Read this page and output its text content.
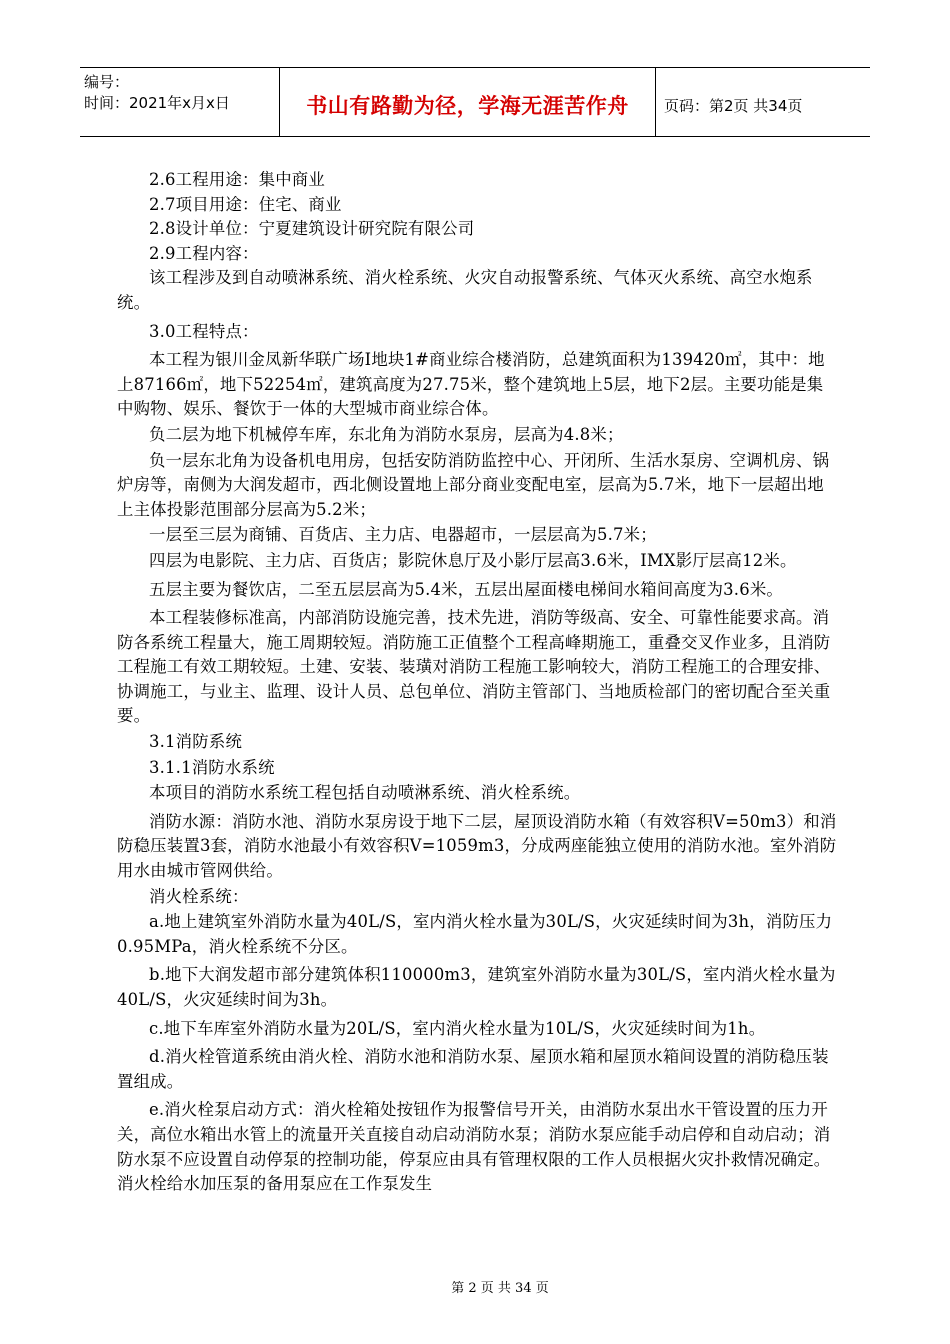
编号：
时间：2021年x月x日	书山有路勤为径，学海无涯苦作舟 页码：第2页 共34页

2.6工程用途：集中商业

2.7项目用途：住宅、商业

2.8设计单位：宁夏建筑设计研究院有限公司

2.9工程内容：

该工程涉及到自动喷淋系统、消火栓系统、火灾自动报警系统、气体灭火系统、高空水炮系统。

3.0工程特点：

本工程为银川金凤新华联广场Ⅰ地块1#商业综合楼消防，总建筑面积为139420㎡，其中：地上87166㎡，地下52254㎡，建筑高度为27.75米，整个建筑地上5层，地下2层。主要功能是集中购物、娱乐、餐饮于一体的大型城市商业综合体。

负二层为地下机械停车库，东北角为消防水泵房，层高为4.8米；

负一层东北角为设备机电用房，包括安防消防监控中心、开闭所、生活水泵房、空调机房、锅炉房等，南侧为大润发超市，西北侧设置地上部分商业变配电室，层高为5.7米，地下一层超出地上主体投影范围部分层高为5.2米；

一层至三层为商铺、百货店、主力店、电器超市，一层层高为5.7米；

四层为电影院、主力店、百货店；影院休息厅及小影厅层高3.6米，IMX影厅层高12米。

五层主要为餐饮店，二至五层层高为5.4米，五层出屋面楼电梯间水箱间高度为3.6米。

本工程装修标准高，内部消防设施完善，技术先进，消防等级高、安全、可靠性能要求高。消防各系统工程量大，施工周期较短。消防施工正值整个工程高峰期施工，重叠交叉作业多，且消防工程施工有效工期较短。土建、安装、装璜对消防工程施工影响较大，消防工程施工的合理安排、协调施工，与业主、监理、设计人员、总包单位、消防主管部门、当地质检部门的密切配合至关重要。

3.1消防系统

3.1.1消防水系统

本项目的消防水系统工程包括自动喷淋系统、消火栓系统。

消防水源：消防水池、消防水泵房设于地下二层，屋顶设消防水箱（有效容积V=50m3）和消防稳压装置3套，消防水池最小有效容积V=1059m3，分成两座能独立使用的消防水池。室外消防用水由城市管网供给。

消火栓系统：

a.地上建筑室外消防水量为40L/S，室内消火栓水量为30L/S，火灾延续时间为3h，消防压力0.95MPa，消火栓系统不分区。

b.地下大润发超市部分建筑体积110000m3，建筑室外消防水量为30L/S，室内消火栓水量为40L/S，火灾延续时间为3h。

c.地下车库室外消防水量为20L/S，室内消火栓水量为10L/S，火灾延续时间为1h。

d.消火栓管道系统由消火栓、消防水池和消防水泵、屋顶水箱和屋顶水箱间设置的消防稳压装置组成。

e.消火栓泵启动方式：消火栓箱处按钮作为报警信号开关，由消防水泵出水干管设置的压力开关，高位水箱出水管上的流量开关直接自动启动消防水泵；消防水泵应能手动启停和自动启动；消防水泵不应设置自动停泵的控制功能，停泵应由具有管理权限的工作人员根据火灾扑救情况确定。消火栓给水加压泵的备用泵应在工作泵发生

第 2 页 共 34 页
